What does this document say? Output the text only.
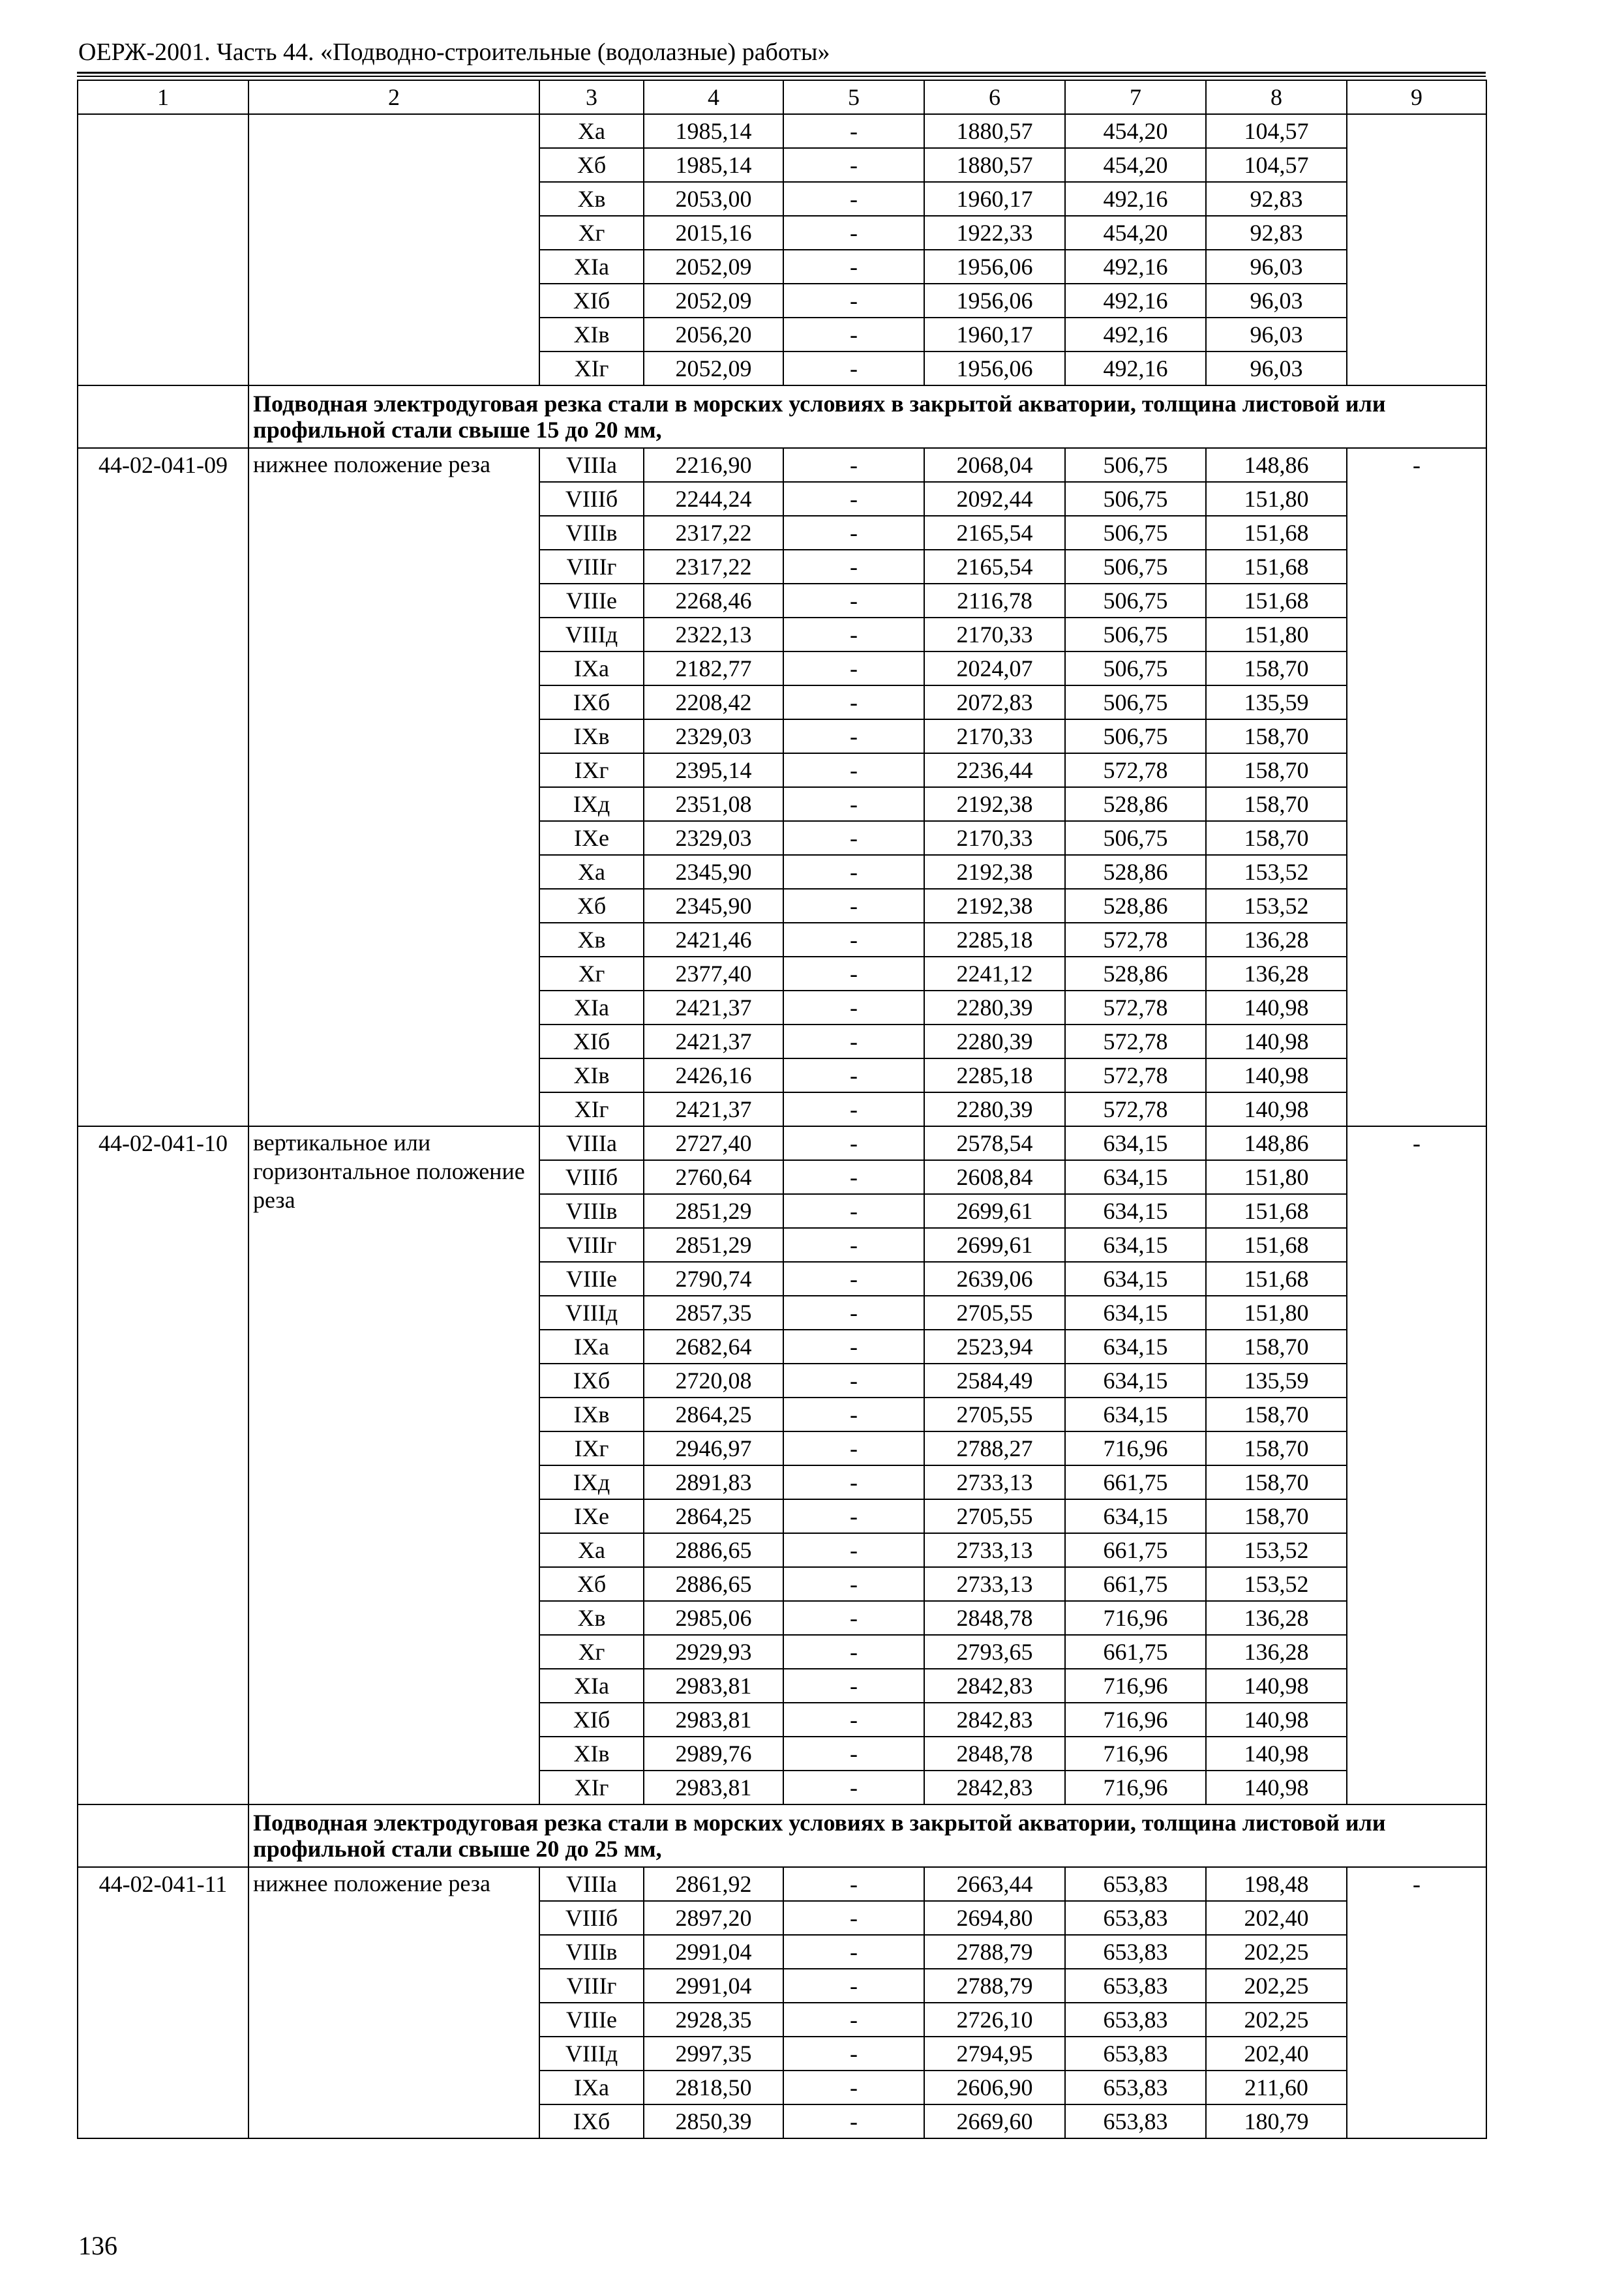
ОЕРЖ-2001. Часть 44. «Подводно-строительные (водолазные) работы»
1	2	3	4	5	6	7	8	9
		Xa	1985,14	-	1880,57	454,20	104,57	
		Xб	1985,14	-	1880,57	454,20	104,57	
		Xв	2053,00	-	1960,17	492,16	92,83	
		Xг	2015,16	-	1922,33	454,20	92,83	
		XIa	2052,09	-	1956,06	492,16	96,03	
		XIб	2052,09	-	1956,06	492,16	96,03	
		XIв	2056,20	-	1960,17	492,16	96,03	
		XIг	2052,09	-	1956,06	492,16	96,03	
	Подводная электродуговая резка стали в морских условиях в закрытой акватории, толщина листовой или профильной стали свыше 15 до 20 мм,							
44-02-041-09	нижнее положение реза	VIIIa	2216,90	-	2068,04	506,75	148,86	-
		VIIIб	2244,24	-	2092,44	506,75	151,80	
		VIIIв	2317,22	-	2165,54	506,75	151,68	
		VIIIг	2317,22	-	2165,54	506,75	151,68	
		VIIIe	2268,46	-	2116,78	506,75	151,68	
		VIIIд	2322,13	-	2170,33	506,75	151,80	
		IXa	2182,77	-	2024,07	506,75	158,70	
		IXб	2208,42	-	2072,83	506,75	135,59	
		IXв	2329,03	-	2170,33	506,75	158,70	
		IXг	2395,14	-	2236,44	572,78	158,70	
		IXд	2351,08	-	2192,38	528,86	158,70	
		IXe	2329,03	-	2170,33	506,75	158,70	
		Xa	2345,90	-	2192,38	528,86	153,52	
		Xб	2345,90	-	2192,38	528,86	153,52	
		Xв	2421,46	-	2285,18	572,78	136,28	
		Xг	2377,40	-	2241,12	528,86	136,28	
		XIa	2421,37	-	2280,39	572,78	140,98	
		XIб	2421,37	-	2280,39	572,78	140,98	
		XIв	2426,16	-	2285,18	572,78	140,98	
		XIг	2421,37	-	2280,39	572,78	140,98	
44-02-041-10	вертикальное или горизонтальное положение реза	VIIIa	2727,40	-	2578,54	634,15	148,86	-
		VIIIб	2760,64	-	2608,84	634,15	151,80	
		VIIIв	2851,29	-	2699,61	634,15	151,68	
		VIIIг	2851,29	-	2699,61	634,15	151,68	
		VIIIe	2790,74	-	2639,06	634,15	151,68	
		VIIIд	2857,35	-	2705,55	634,15	151,80	
		IXa	2682,64	-	2523,94	634,15	158,70	
		IXб	2720,08	-	2584,49	634,15	135,59	
		IXв	2864,25	-	2705,55	634,15	158,70	
		IXг	2946,97	-	2788,27	716,96	158,70	
		IXд	2891,83	-	2733,13	661,75	158,70	
		IXe	2864,25	-	2705,55	634,15	158,70	
		Xa	2886,65	-	2733,13	661,75	153,52	
		Xб	2886,65	-	2733,13	661,75	153,52	
		Xв	2985,06	-	2848,78	716,96	136,28	
		Xг	2929,93	-	2793,65	661,75	136,28	
		XIa	2983,81	-	2842,83	716,96	140,98	
		XIб	2983,81	-	2842,83	716,96	140,98	
		XIв	2989,76	-	2848,78	716,96	140,98	
		XIг	2983,81	-	2842,83	716,96	140,98	
	Подводная электродуговая резка стали в морских условиях в закрытой акватории, толщина листовой или профильной стали свыше 20 до 25 мм,							
44-02-041-11	нижнее положение реза	VIIIa	2861,92	-	2663,44	653,83	198,48	-
		VIIIб	2897,20	-	2694,80	653,83	202,40	
		VIIIв	2991,04	-	2788,79	653,83	202,25	
		VIIIг	2991,04	-	2788,79	653,83	202,25	
		VIIIe	2928,35	-	2726,10	653,83	202,25	
		VIIIд	2997,35	-	2794,95	653,83	202,40	
		IXa	2818,50	-	2606,90	653,83	211,60	
		IXб	2850,39	-	2669,60	653,83	180,79	
136
